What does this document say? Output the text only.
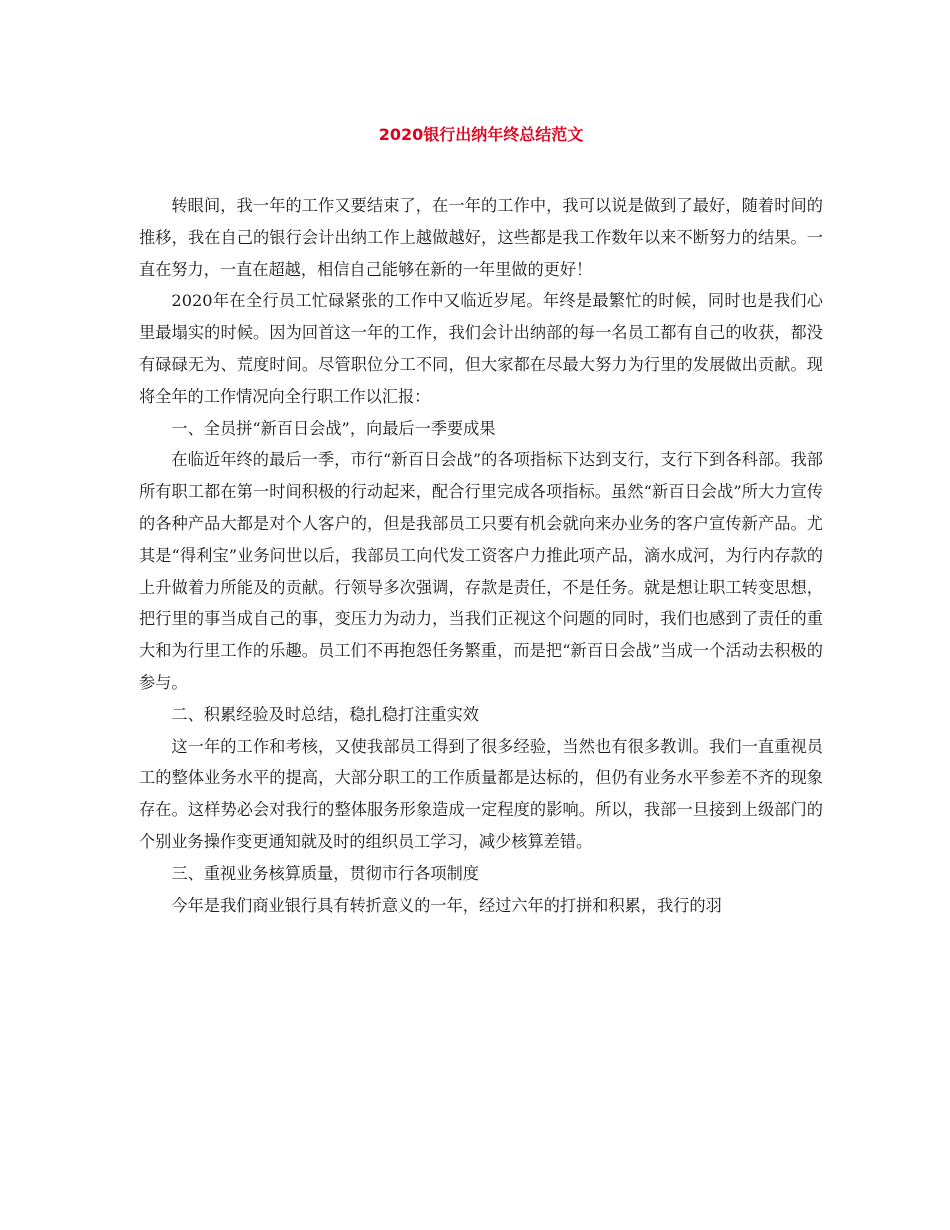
2020银行出纳年终总结范文

转眼间，我一年的工作又要结束了，在一年的工作中，我可以说是做到了最好，随着时间的推移，我在自己的银行会计出纳工作上越做越好，这些都是我工作数年以来不断努力的结果。一直在努力，一直在超越，相信自己能够在新的一年里做的更好！

2020年在全行员工忙碌紧张的工作中又临近岁尾。年终是最繁忙的时候，同时也是我们心里最塌实的时候。因为回首这一年的工作，我们会计出纳部的每一名员工都有自己的收获，都没有碌碌无为、荒度时间。尽管职位分工不同，但大家都在尽最大努力为行里的发展做出贡献。现将全年的工作情况向全行职工作以汇报：

一、全员拼“新百日会战”，向最后一季要成果

在临近年终的最后一季，市行“新百日会战”的各项指标下达到支行，支行下到各科部。我部所有职工都在第一时间积极的行动起来，配合行里完成各项指标。虽然“新百日会战”所大力宣传的各种产品大都是对个人客户的，但是我部员工只要有机会就向来办业务的客户宣传新产品。尤其是“得利宝”业务问世以后，我部员工向代发工资客户力推此项产品，滴水成河，为行内存款的上升做着力所能及的贡献。行领导多次强调，存款是责任，不是任务。就是想让职工转变思想，把行里的事当成自己的事，变压力为动力，当我们正视这个问题的同时，我们也感到了责任的重大和为行里工作的乐趣。员工们不再抱怨任务繁重，而是把“新百日会战”当成一个活动去积极的参与。

二、积累经验及时总结，稳扎稳打注重实效

这一年的工作和考核，又使我部员工得到了很多经验，当然也有很多教训。我们一直重视员工的整体业务水平的提高，大部分职工的工作质量都是达标的，但仍有业务水平参差不齐的现象存在。这样势必会对我行的整体服务形象造成一定程度的影响。所以，我部一旦接到上级部门的个别业务操作变更通知就及时的组织员工学习，减少核算差错。

三、重视业务核算质量，贯彻市行各项制度

今年是我们商业银行具有转折意义的一年，经过六年的打拼和积累，我行的羽
